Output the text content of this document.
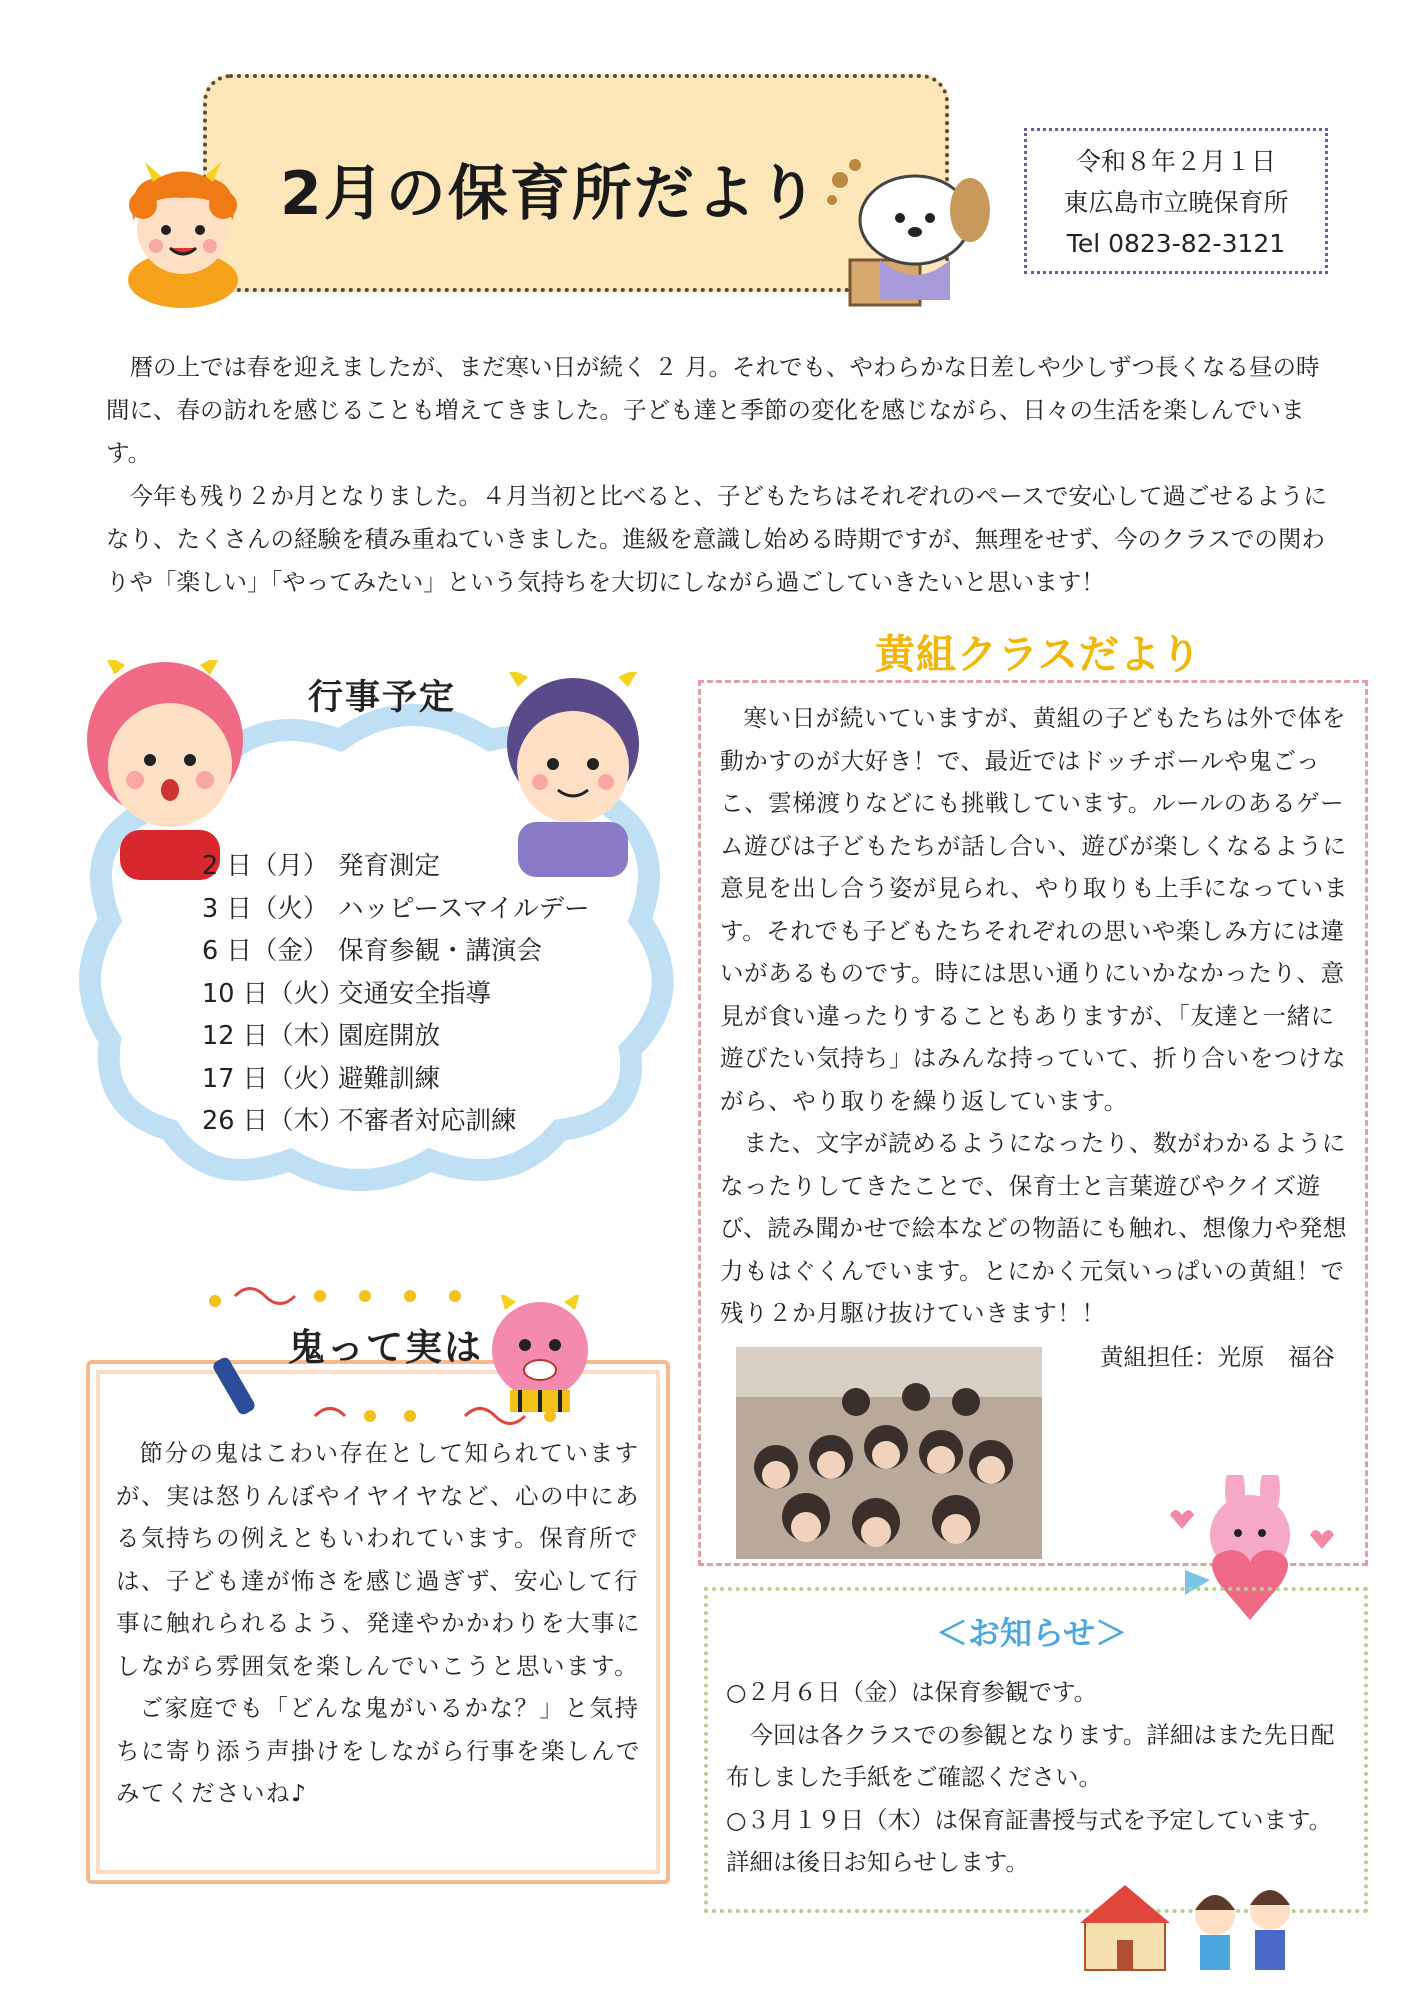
2月の保育所だより	令和８年２月１日
東広島市立暁保育所
Tel 0823-82-3121

暦の上では春を迎えましたが、まだ寒い日が続く ２ 月。それでも、やわらかな日差しや少しずつ長くなる昼の時間に、春の訪れを感じることも増えてきました。子ども達と季節の変化を感じながら、日々の生活を楽しんでいます。

今年も残り２か月となりました。４月当初と比べると、子どもたちはそれぞれのペースで安心して過ごせるようになり、たくさんの経験を積み重ねていきました。進級を意識し始める時期ですが、無理をせず、今のクラスでの関わりや「楽しい」「やってみたい」という気持ちを大切にしながら過ごしていきたいと思います！

行事予定
2 日（月） 発育測定
3 日（火） ハッピースマイルデー
6 日（金） 保育参観・講演会
10 日（火）交通安全指導
12 日（木）園庭開放
17 日（火）避難訓練
26 日（木）不審者対応訓練
鬼って実は

節分の鬼はこわい存在として知られていますが、実は怒りんぼやイヤイヤなど、心の中にある気持ちの例えともいわれています。保育所では、子ども達が怖さを感じ過ぎず、安心して行事に触れられるよう、発達やかかわりを大事にしながら雰囲気を楽しんでいこうと思います。

ご家庭でも「どんな鬼がいるかな？」と気持ちに寄り添う声掛けをしながら行事を楽しんでみてくださいね♪

黄組クラスだより

寒い日が続いていますが、黄組の子どもたちは外で体を動かすのが大好き！で、最近ではドッチボールや鬼ごっこ、雲梯渡りなどにも挑戦しています。ルールのあるゲーム遊びは子どもたちが話し合い、遊びが楽しくなるように意見を出し合う姿が見られ、やり取りも上手になっています。それでも子どもたちそれぞれの思いや楽しみ方には違いがあるものです。時には思い通りにいかなかったり、意見が食い違ったりすることもありますが、「友達と一緒に遊びたい気持ち」はみんな持っていて、折り合いをつけながら、やり取りを繰り返しています。

また、文字が読めるようになったり、数がわかるようになったりしてきたことで、保育士と言葉遊びやクイズ遊び、読み聞かせで絵本などの物語にも触れ、想像力や発想力もはぐくんでいます。とにかく元気いっぱいの黄組！で残り２か月駆け抜けていきます！！

黄組担任：光原　福谷
＜お知らせ＞

○２月６日（金）は保育参観です。

今回は各クラスでの参観となります。詳細はまた先日配布しました手紙をご確認ください。

○３月１９日（木）は保育証書授与式を予定しています。

詳細は後日お知らせします。
